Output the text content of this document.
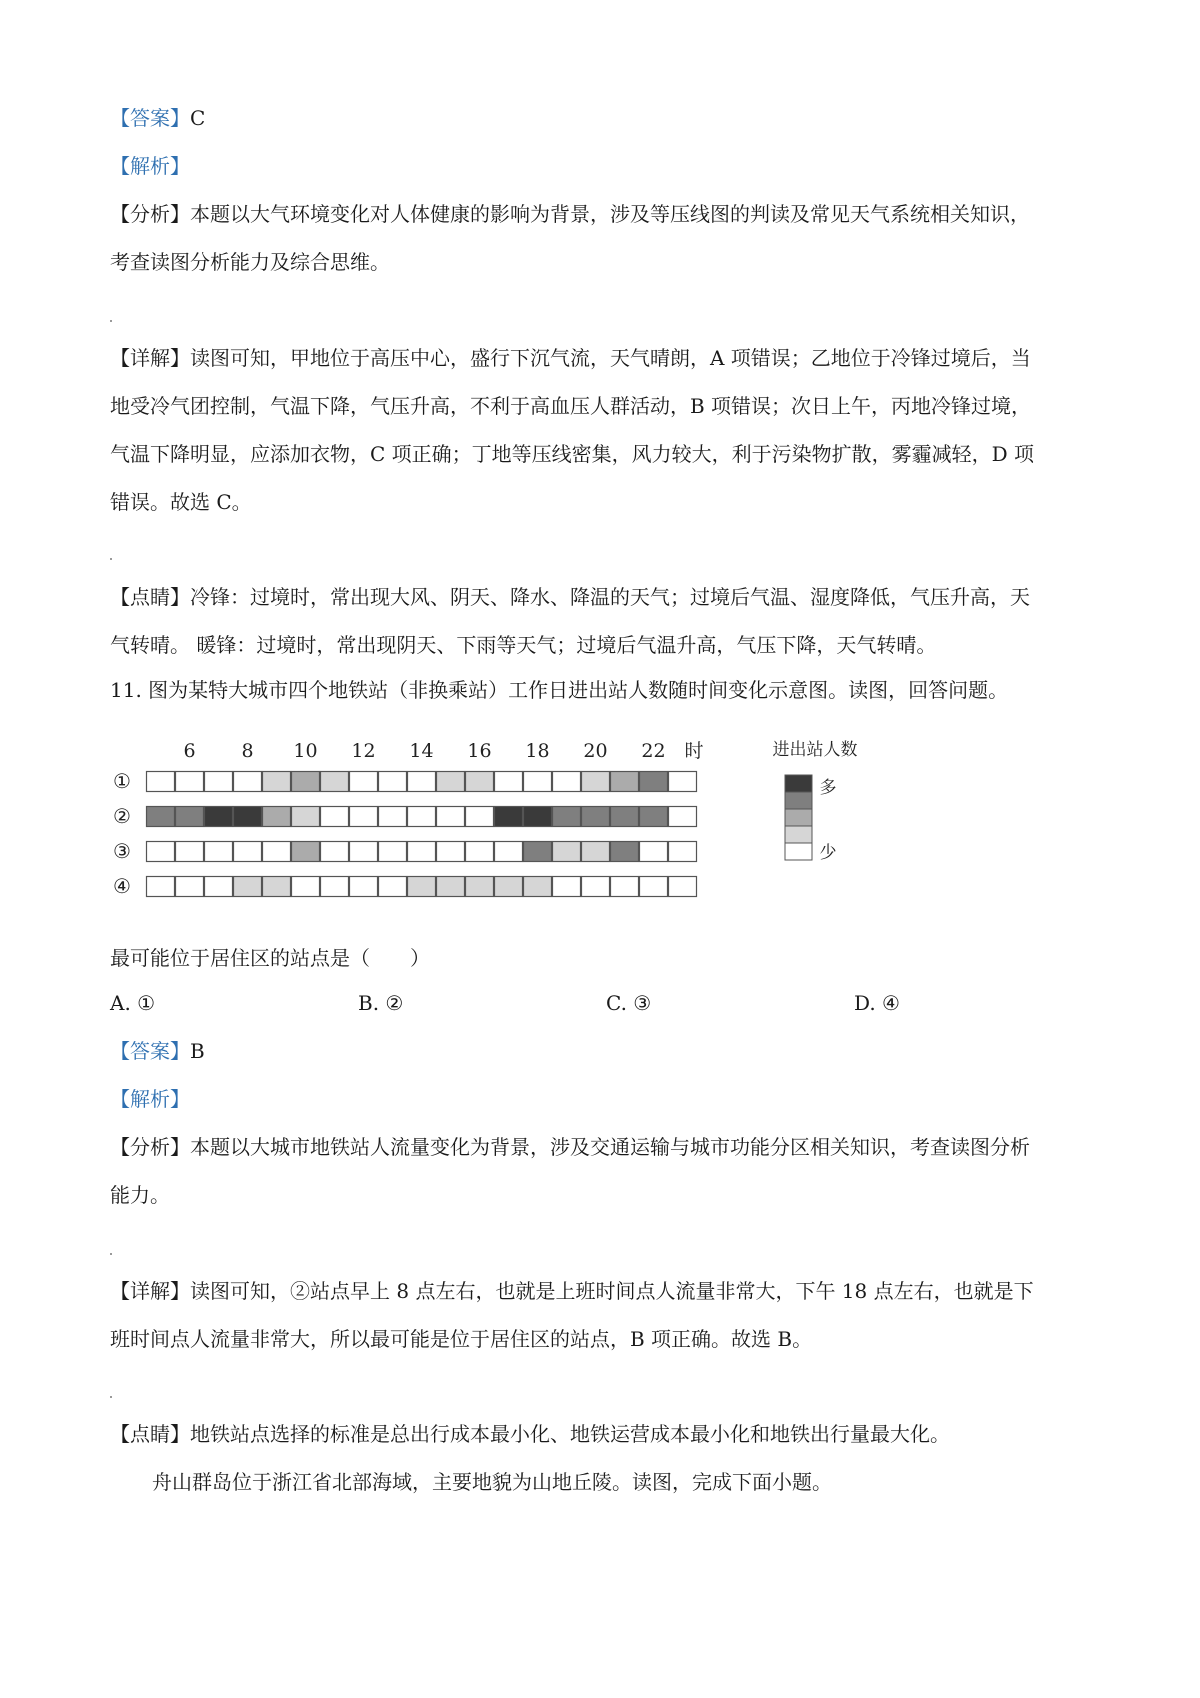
【答案】C
【解析】
【分析】本题以大气环境变化对人体健康的影响为背景，涉及等压线图的判读及常见天气系统相关知识，
考查读图分析能力及综合思维。
【详解】读图可知，甲地位于高压中心，盛行下沉气流，天气晴朗，A 项错误；乙地位于冷锋过境后，当
地受冷气团控制，气温下降，气压升高，不利于高血压人群活动，B 项错误；次日上午，丙地冷锋过境，
气温下降明显，应添加衣物，C 项正确；丁地等压线密集，风力较大，利于污染物扩散，雾霾减轻，D 项
错误。故选 C。
【点睛】冷锋：过境时，常出现大风、阴天、降水、降温的天气；过境后气温、湿度降低，气压升高，天
气转晴。 暖锋：过境时，常出现阴天、下雨等天气；过境后气温升高，气压下降，天气转晴。
11. 图为某特大城市四个地铁站（非换乘站）工作日进出站人数随时间变化示意图。读图，回答问题。
6 8 10 12 14 16 18 20 22 时
①
②
③
④
进出站人数
多
少
最可能位于居住区的站点是（　　）
A. ①	B. ②	C. ③	D. ④
【答案】B
【解析】
【分析】本题以大城市地铁站人流量变化为背景，涉及交通运输与城市功能分区相关知识，考查读图分析
能力。
【详解】读图可知，②站点早上 8 点左右，也就是上班时间点人流量非常大，下午 18 点左右，也就是下
班时间点人流量非常大，所以最可能是位于居住区的站点，B 项正确。故选 B。
【点睛】地铁站点选择的标准是总出行成本最小化、地铁运营成本最小化和地铁出行量最大化。
舟山群岛位于浙江省北部海域，主要地貌为山地丘陵。读图，完成下面小题。
